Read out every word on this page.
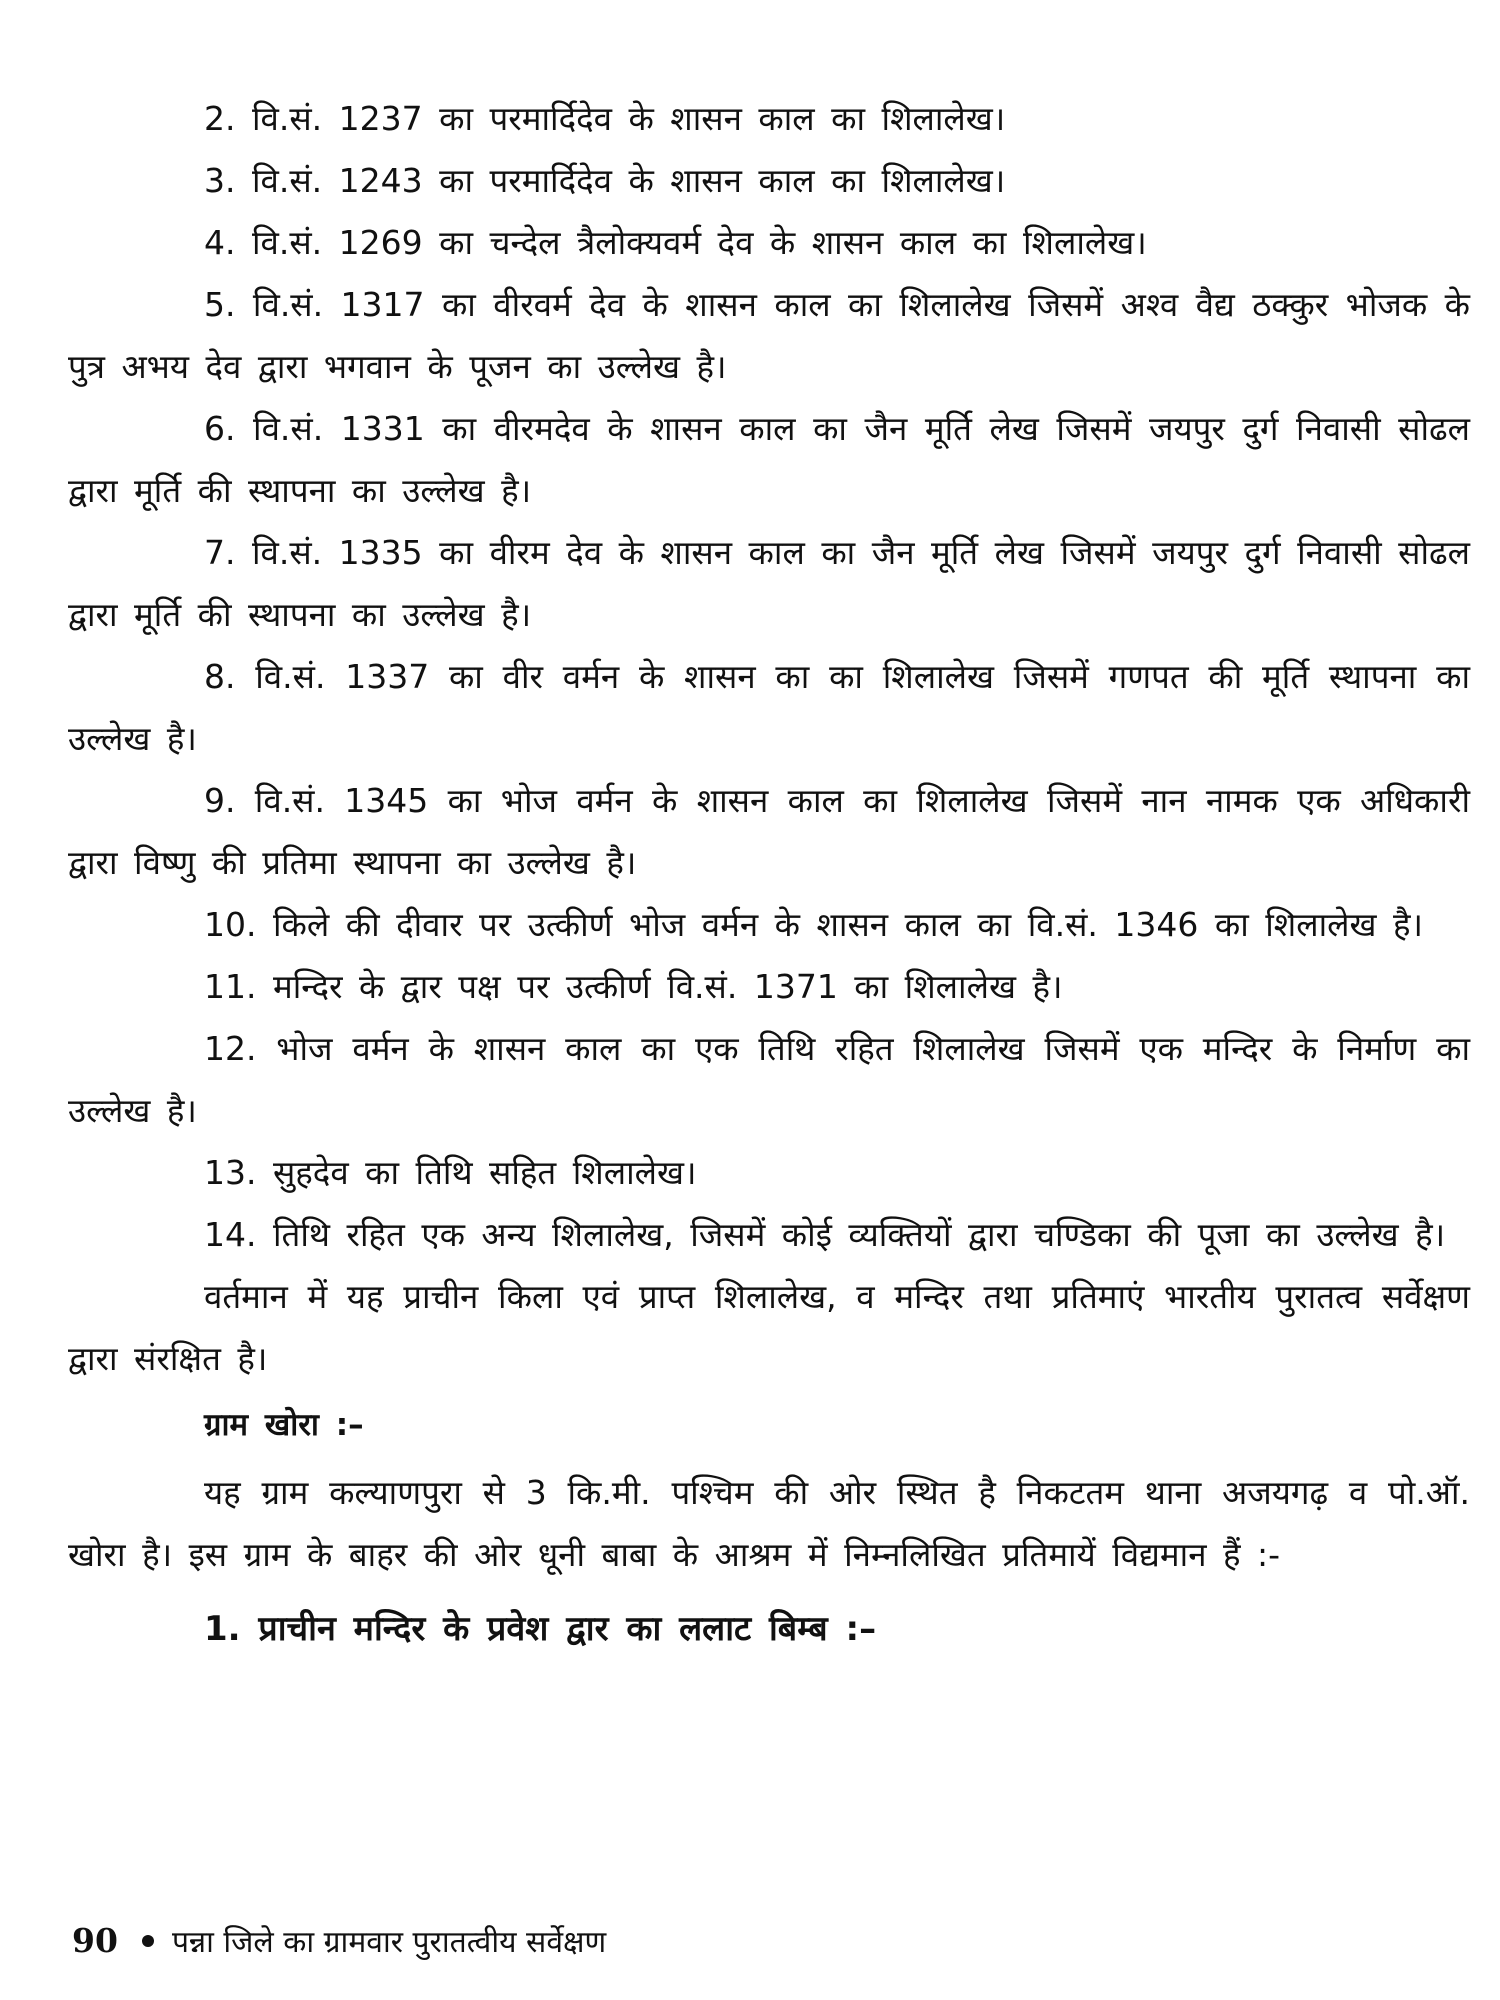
2. वि.सं. 1237 का परमार्दिदेव के शासन काल का शिलालेख।

3. वि.सं. 1243 का परमार्दिदेव के शासन काल का शिलालेख।

4. वि.सं. 1269 का चन्देल त्रैलोक्यवर्म देव के शासन काल का शिलालेख।

5. वि.सं. 1317 का वीरवर्म देव के शासन काल का शिलालेख जिसमें अश्व वैद्य ठक्कुर भोजक के पुत्र अभय देव द्वारा भगवान के पूजन का उल्लेख है।

6. वि.सं. 1331 का वीरमदेव के शासन काल का जैन मूर्ति लेख जिसमें जयपुर दुर्ग निवासी सोढल द्वारा मूर्ति की स्थापना का उल्लेख है।

7. वि.सं. 1335 का वीरम देव के शासन काल का जैन मूर्ति लेख जिसमें जयपुर दुर्ग निवासी सोढल द्वारा मूर्ति की स्थापना का उल्लेख है।

8. वि.सं. 1337 का वीर वर्मन के शासन का का शिलालेख जिसमें गणपत की मूर्ति स्थापना का उल्लेख है।

9. वि.सं. 1345 का भोज वर्मन के शासन काल का शिलालेख जिसमें नान नामक एक अधिकारी द्वारा विष्णु की प्रतिमा स्थापना का उल्लेख है।

10. किले की दीवार पर उत्कीर्ण भोज वर्मन के शासन काल का वि.सं. 1346 का शिलालेख है।

11. मन्दिर के द्वार पक्ष पर उत्कीर्ण वि.सं. 1371 का शिलालेख है।

12. भोज वर्मन के शासन काल का एक तिथि रहित शिलालेख जिसमें एक मन्दिर के निर्माण का उल्लेख है।

13. सुहदेव का तिथि सहित शिलालेख।

14. तिथि रहित एक अन्य शिलालेख, जिसमें कोई व्यक्तियों द्वारा चण्डिका की पूजा का उल्लेख है।

वर्तमान में यह प्राचीन किला एवं प्राप्त शिलालेख, व मन्दिर तथा प्रतिमाएं भारतीय पुरातत्व सर्वेक्षण द्वारा संरक्षित है।

ग्राम खोरा :–

यह ग्राम कल्याणपुरा से 3 कि.मी. पश्चिम की ओर स्थित है निकटतम थाना अजयगढ़ व पो.ऑ. खोरा है। इस ग्राम के बाहर की ओर धूनी बाबा के आश्रम में निम्नलिखित प्रतिमायें विद्यमान हैं :-

1. प्राचीन मन्दिर के प्रवेश द्वार का ललाट बिम्ब :–

90 पन्ना जिले का ग्रामवार पुरातत्वीय सर्वेक्षण
